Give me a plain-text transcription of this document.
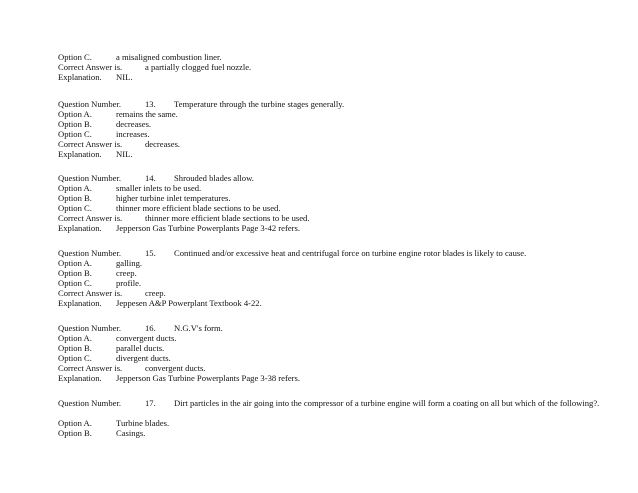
Option C.	a misaligned combustion liner.
Correct Answer is.	a partially clogged fuel nozzle.
Explanation. NIL.
Question Number.	13. Temperature through the turbine stages generally.
Option A.	remains the same.
Option B.	decreases.
Option C.	increases.
Correct Answer is.	decreases.
Explanation. NIL.
Question Number.	14. Shrouded blades allow.
Option A.	smaller inlets to be used.
Option B.	higher turbine inlet temperatures.
Option C.	thinner more efficient blade sections to be used.
Correct Answer is.	thinner more efficient blade sections to be used.
Explanation. Jepperson Gas Turbine Powerplants Page 3-42 refers.
Question Number.	15. Continued and/or excessive heat and centrifugal force on turbine engine rotor blades is likely to cause.
Option A.	galling.
Option B.	creep.
Option C.	profile.
Correct Answer is.	creep.
Explanation. Jeppesen A&P Powerplant Textbook 4-22.
Question Number.	16. N.G.V's form.
Option A.	convergent ducts.
Option B.	parallel ducts.
Option C.	divergent ducts.
Correct Answer is.	convergent ducts.
Explanation. Jepperson Gas Turbine Powerplants Page 3-38 refers.
Question Number.	17. Dirt particles in the air going into the compressor of a turbine engine will form a coating on all but which of the following?.
Option A.	Turbine blades.
Option B.	Casings.
